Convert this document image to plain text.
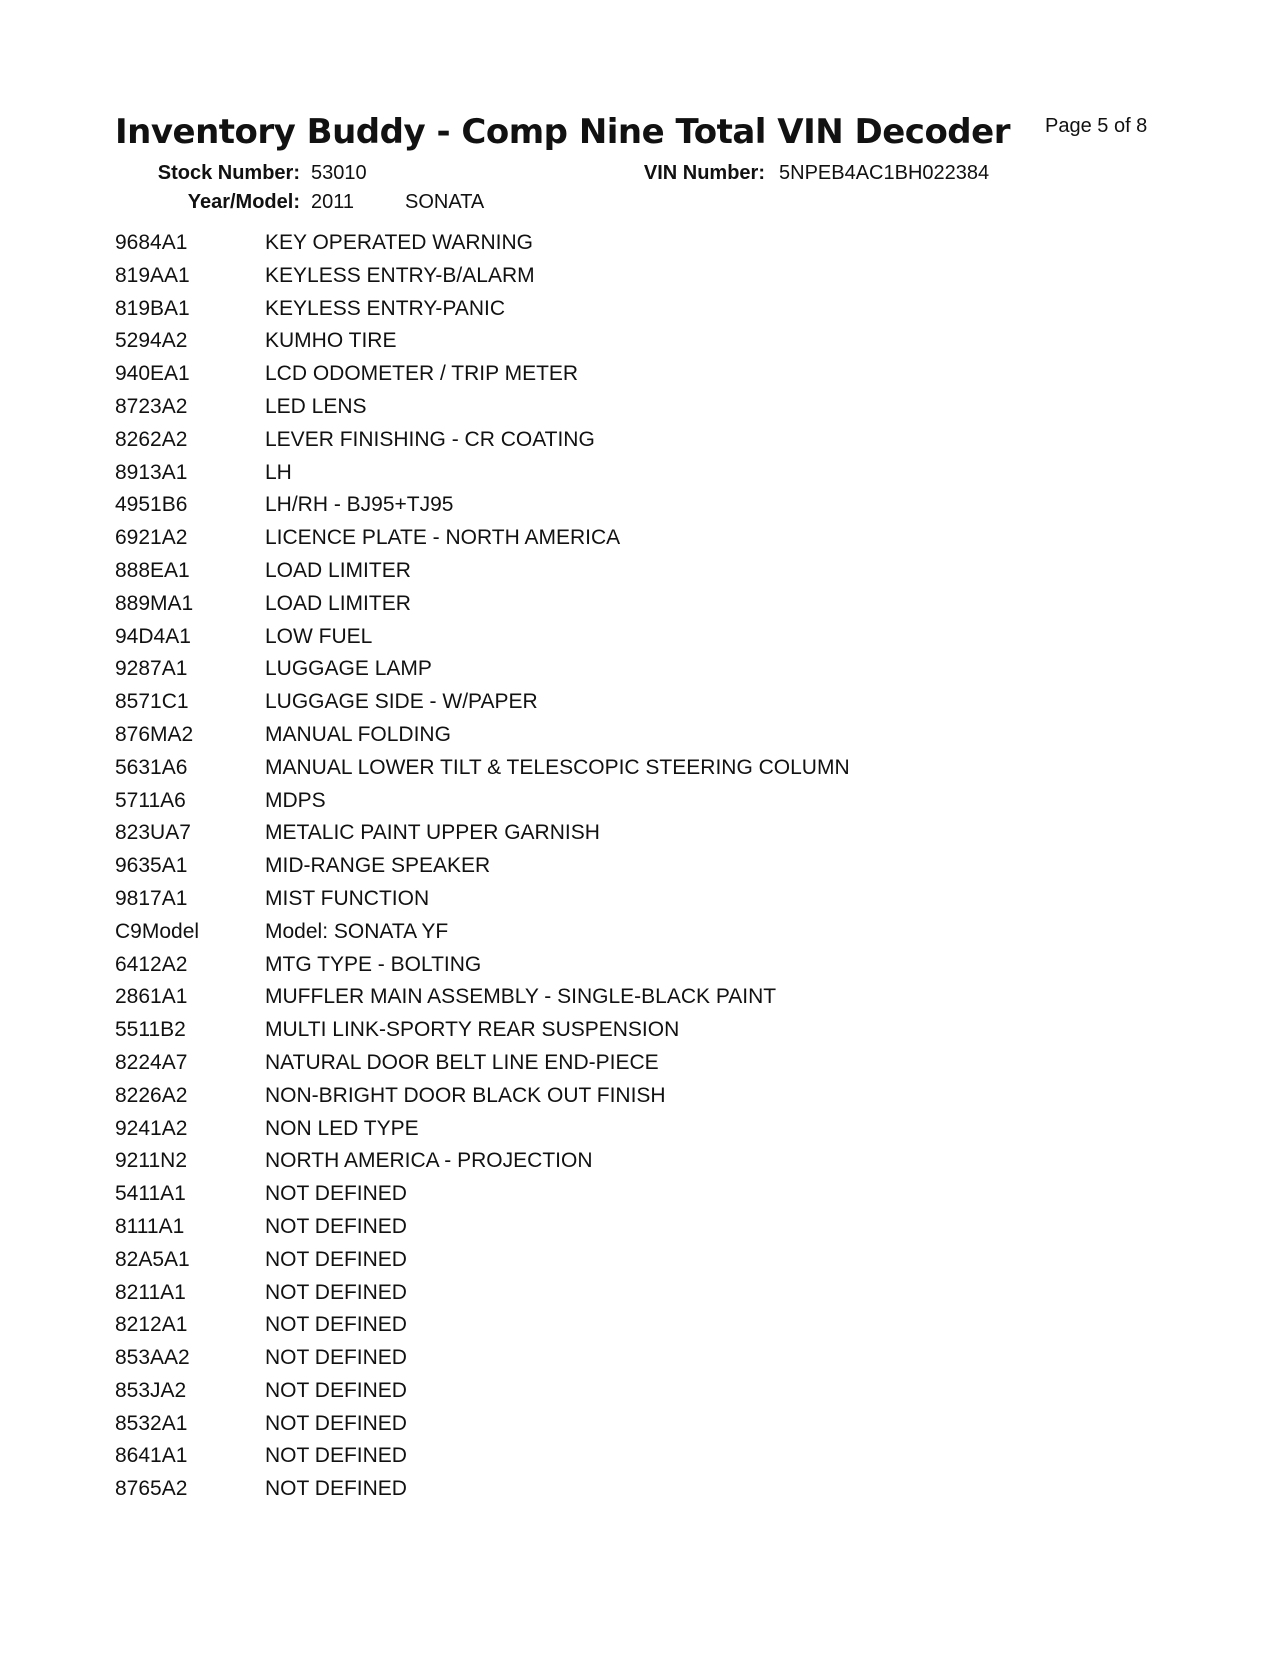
Inventory Buddy - Comp Nine Total VIN Decoder Page 5 of 8
Stock Number: 53010
Year/Model: 2011	SONATA
VIN Number: 5NPEB4AC1BH022384
9684A1	KEY OPERATED WARNING
819AA1	KEYLESS ENTRY-B/ALARM
819BA1	KEYLESS ENTRY-PANIC
5294A2	KUMHO TIRE
940EA1	LCD ODOMETER / TRIP METER
8723A2	LED LENS
8262A2	LEVER FINISHING - CR COATING
8913A1	LH
4951B6	LH/RH - BJ95+TJ95
6921A2	LICENCE PLATE - NORTH AMERICA
888EA1	LOAD LIMITER
889MA1	LOAD LIMITER
94D4A1	LOW FUEL
9287A1	LUGGAGE LAMP
8571C1	LUGGAGE SIDE - W/PAPER
876MA2	MANUAL FOLDING
5631A6	MANUAL LOWER TILT & TELESCOPIC STEERING COLUMN
5711A6	MDPS
823UA7	METALIC PAINT UPPER GARNISH
9635A1	MID-RANGE SPEAKER
9817A1	MIST FUNCTION
C9Model	Model: SONATA YF
6412A2	MTG TYPE - BOLTING
2861A1	MUFFLER MAIN ASSEMBLY - SINGLE-BLACK PAINT
5511B2	MULTI LINK-SPORTY REAR SUSPENSION
8224A7	NATURAL DOOR BELT LINE END-PIECE
8226A2	NON-BRIGHT DOOR BLACK OUT FINISH
9241A2	NON LED TYPE
9211N2	NORTH AMERICA - PROJECTION
5411A1	NOT DEFINED
8111A1	NOT DEFINED
82A5A1	NOT DEFINED
8211A1	NOT DEFINED
8212A1	NOT DEFINED
853AA2	NOT DEFINED
853JA2	NOT DEFINED
8532A1	NOT DEFINED
8641A1	NOT DEFINED
8765A2	NOT DEFINED
